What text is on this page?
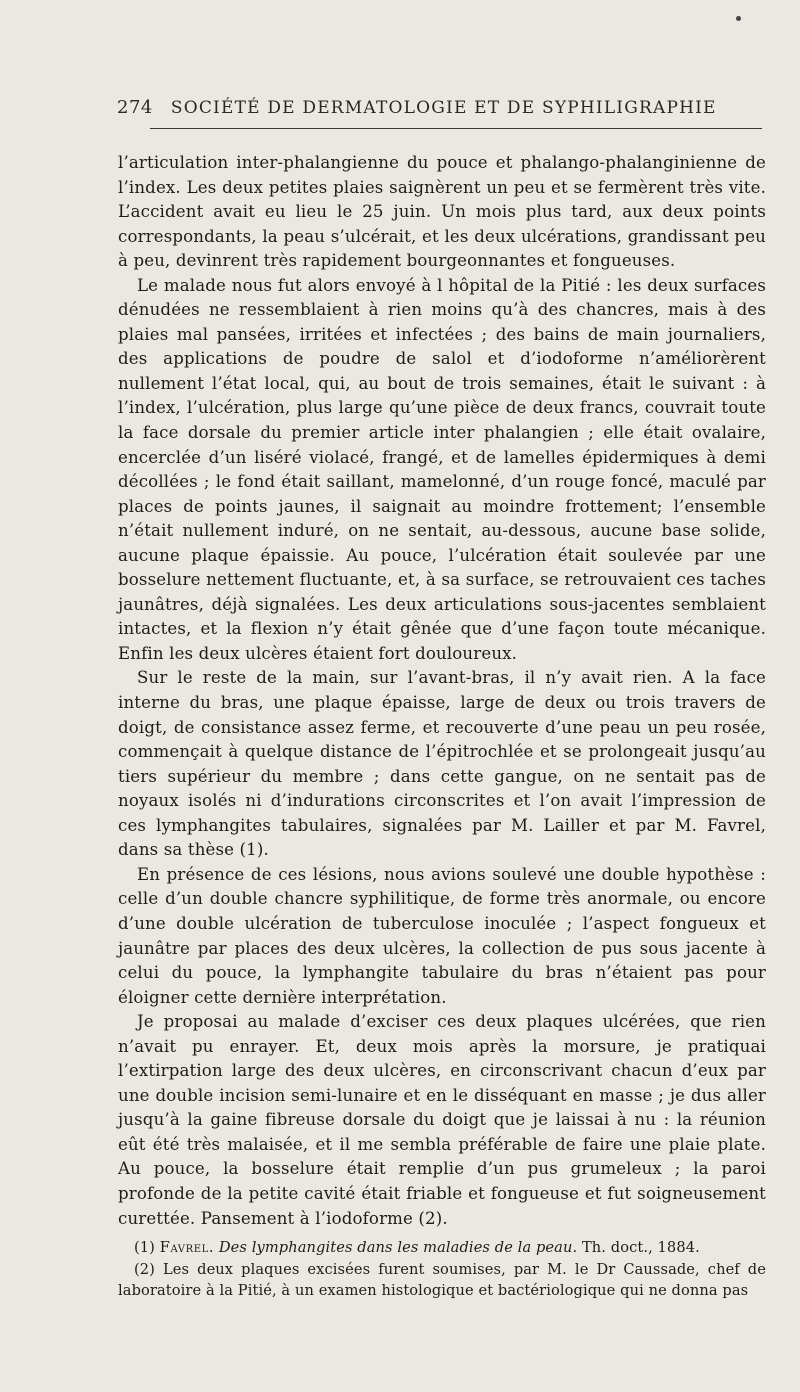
274 SOCIÉTÉ DE DERMATOLOGIE ET DE SYPHILIGRAPHIE

l’articulation inter-phalangienne du pouce et phalango-phalanginienne de l’index. Les deux petites plaies saignèrent un peu et se fermèrent très vite. L’accident avait eu lieu le 25 juin. Un mois plus tard, aux deux points correspondants, la peau s’ulcérait, et les deux ulcérations, grandissant peu à peu, devinrent très rapidement bourgeonnantes et fongueuses.

Le malade nous fut alors envoyé à l hôpital de la Pitié : les deux surfaces dénudées ne ressemblaient à rien moins qu’à des chancres, mais à des plaies mal pansées, irritées et infectées ; des bains de main journaliers, des applications de poudre de salol et d’iodoforme n’améliorèrent nullement l’état local, qui, au bout de trois semaines, était le suivant : à l’index, l’ulcération, plus large qu’une pièce de deux francs, couvrait toute la face dorsale du premier article inter phalangien ; elle était ovalaire, encerclée d’un liséré violacé, frangé, et de lamelles épidermiques à demi décollées ; le fond était saillant, mamelonné, d’un rouge foncé, maculé par places de points jaunes, il saignait au moindre frottement; l’ensemble n’était nullement induré, on ne sentait, au-dessous, aucune base solide, aucune plaque épaissie. Au pouce, l’ulcération était soulevée par une bosselure nettement fluctuante, et, à sa surface, se retrouvaient ces taches jaunâtres, déjà signalées. Les deux articulations sous-jacentes semblaient intactes, et la flexion n’y était gênée que d’une façon toute mécanique. Enfin les deux ulcères étaient fort douloureux.

Sur le reste de la main, sur l’avant-bras, il n’y avait rien. A la face interne du bras, une plaque épaisse, large de deux ou trois travers de doigt, de consistance assez ferme, et recouverte d’une peau un peu rosée, commençait à quelque distance de l’épitrochlée et se prolongeait jusqu’au tiers supérieur du membre ; dans cette gangue, on ne sentait pas de noyaux isolés ni d’indurations circonscrites et l’on avait l’impression de ces lymphangites tabulaires, signalées par M. Lailler et par M. Favrel, dans sa thèse (1).

En présence de ces lésions, nous avions soulevé une double hypothèse : celle d’un double chancre syphilitique, de forme très anormale, ou encore d’une double ulcération de tuberculose inoculée ; l’aspect fongueux et jaunâtre par places des deux ulcères, la collection de pus sous jacente à celui du pouce, la lymphangite tabulaire du bras n’étaient pas pour éloigner cette dernière interprétation.

Je proposai au malade d’exciser ces deux plaques ulcérées, que rien n’avait pu enrayer. Et, deux mois après la morsure, je pratiquai l’extirpation large des deux ulcères, en circonscrivant chacun d’eux par une double incision semi-lunaire et en le disséquant en masse ; je dus aller jusqu’à la gaine fibreuse dorsale du doigt que je laissai à nu : la réunion eût été très malaisée, et il me sembla préférable de faire une plaie plate. Au pouce, la bosselure était remplie d’un pus grumeleux ; la paroi profonde de la petite cavité était friable et fongueuse et fut soigneusement curettée. Pansement à l’iodoforme (2).

(1) Favrel. Des lymphangites dans les maladies de la peau. Th. doct., 1884.

(2) Les deux plaques excisées furent soumises, par M. le Dr Caussade, chef de laboratoire à la Pitié, à un examen histologique et bactériologique qui ne donna pas
